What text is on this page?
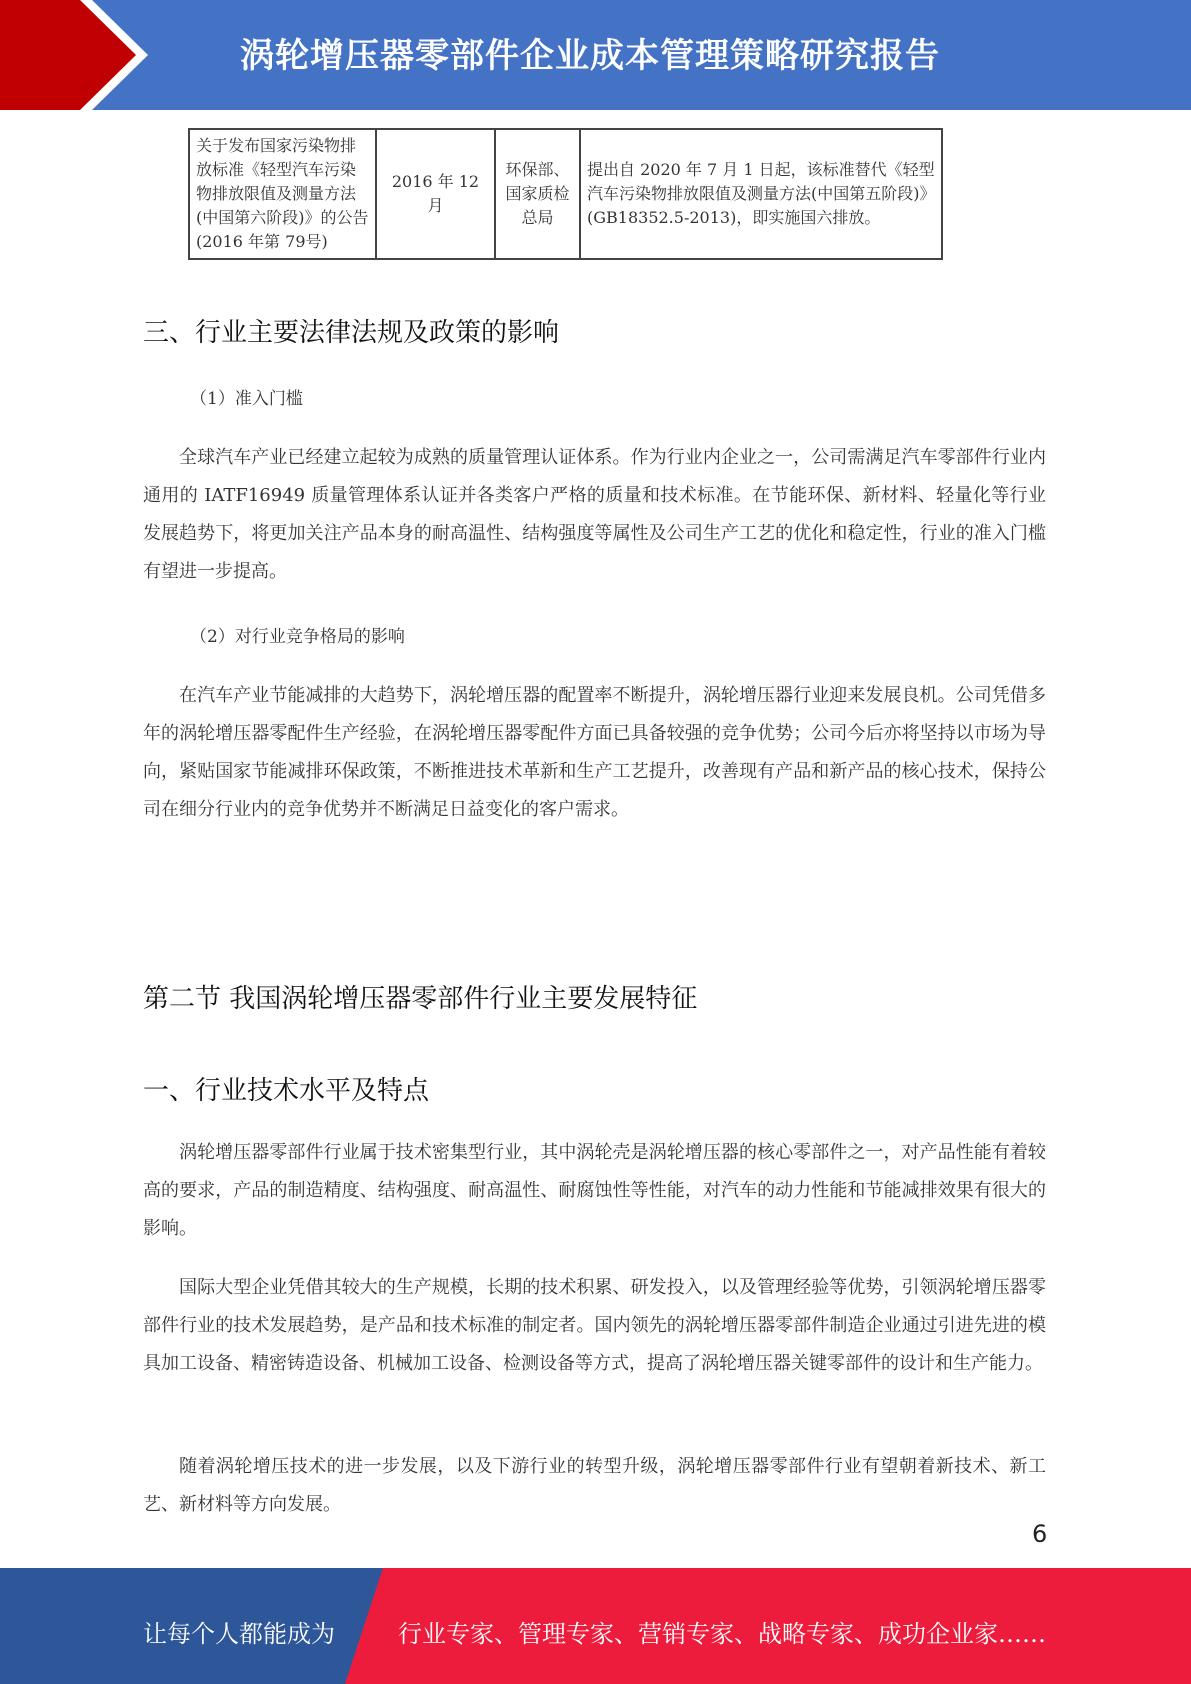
涡轮增压器零部件企业成本管理策略研究报告
关于发布国家污染物排放标准《轻型汽车污染物排放限值及测量方法(中国第六阶段)》的公告(2016 年第 79号)	2016 年 12 月	环保部、国家质检总局	提出自 2020 年 7 月 1 日起，该标准替代《轻型汽车污染物排放限值及测量方法(中国第五阶段)》(GB18352.5-2013)，即实施国六排放。
三、行业主要法律法规及政策的影响
（1）准入门槛

全球汽车产业已经建立起较为成熟的质量管理认证体系。作为行业内企业之一，公司需满足汽车零部件行业内通用的 IATF16949 质量管理体系认证并各类客户严格的质量和技术标准。在节能环保、新材料、轻量化等行业发展趋势下，将更加关注产品本身的耐高温性、结构强度等属性及公司生产工艺的优化和稳定性，行业的准入门槛有望进一步提高。

（2）对行业竞争格局的影响

在汽车产业节能减排的大趋势下，涡轮增压器的配置率不断提升，涡轮增压器行业迎来发展良机。公司凭借多年的涡轮增压器零配件生产经验，在涡轮增压器零配件方面已具备较强的竞争优势；公司今后亦将坚持以市场为导向，紧贴国家节能减排环保政策，不断推进技术革新和生产工艺提升，改善现有产品和新产品的核心技术，保持公司在细分行业内的竞争优势并不断满足日益变化的客户需求。

第二节 我国涡轮增压器零部件行业主要发展特征
一、行业技术水平及特点

涡轮增压器零部件行业属于技术密集型行业，其中涡轮壳是涡轮增压器的核心零部件之一，对产品性能有着较高的要求，产品的制造精度、结构强度、耐高温性、耐腐蚀性等性能，对汽车的动力性能和节能减排效果有很大的影响。

国际大型企业凭借其较大的生产规模，长期的技术积累、研发投入，以及管理经验等优势，引领涡轮增压器零部件行业的技术发展趋势，是产品和技术标准的制定者。国内领先的涡轮增压器零部件制造企业通过引进先进的模具加工设备、精密铸造设备、机械加工设备、检测设备等方式，提高了涡轮增压器关键零部件的设计和生产能力。

随着涡轮增压技术的进一步发展，以及下游行业的转型升级，涡轮增压器零部件行业有望朝着新技术、新工艺、新材料等方向发展。

6
让每个人都能成为	行业专家、管理专家、营销专家、战略专家、成功企业家……
